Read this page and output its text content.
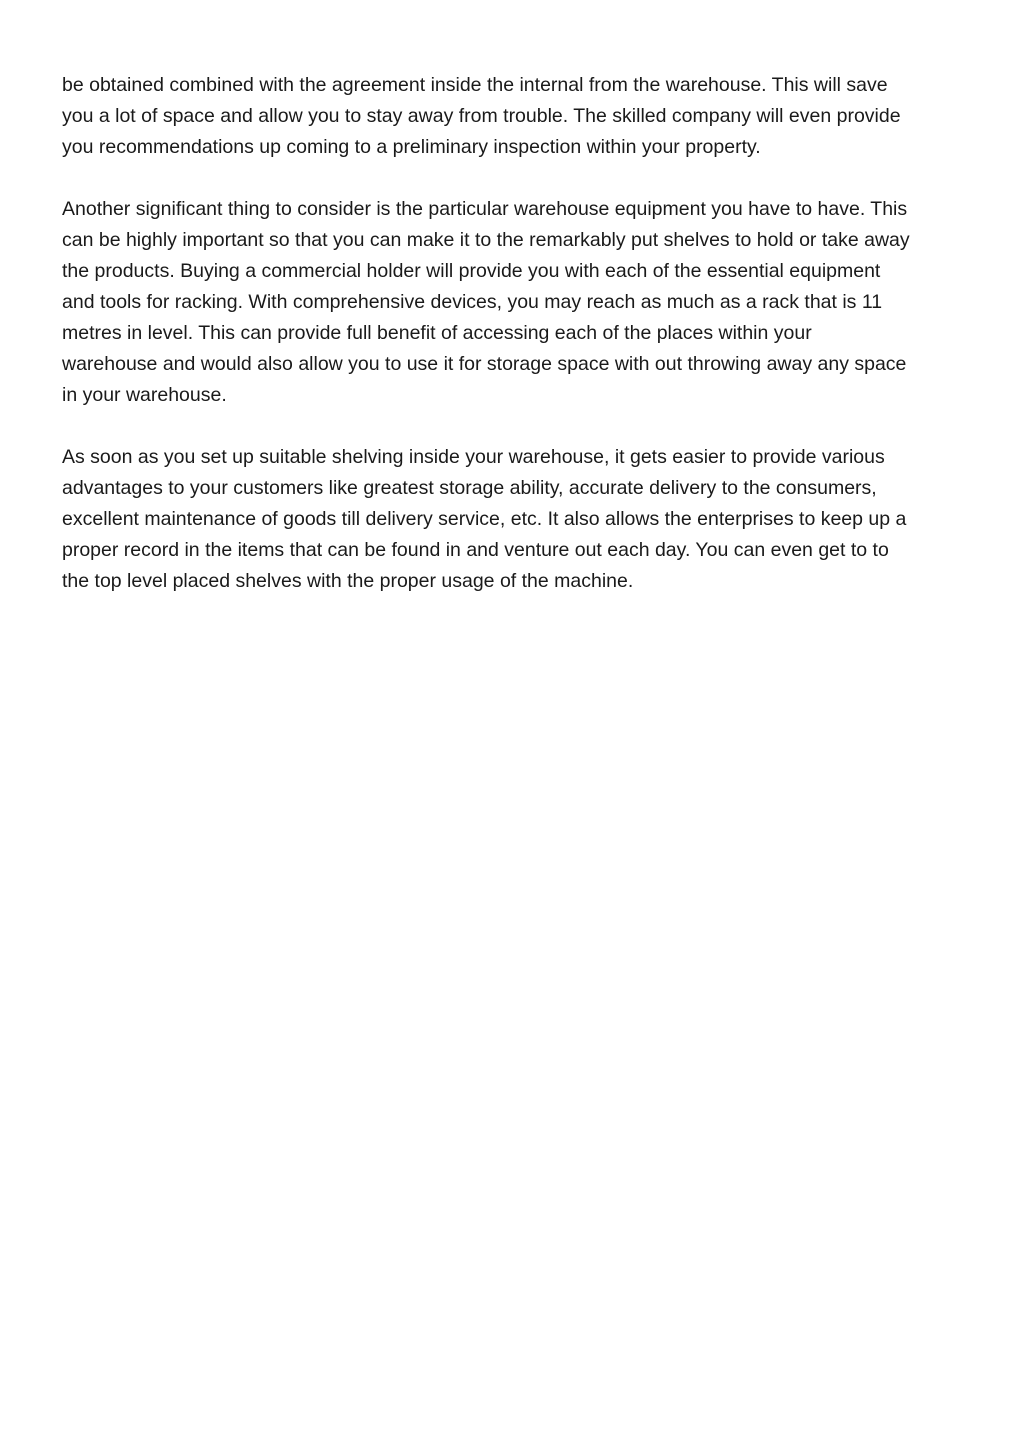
be obtained combined with the agreement inside the internal from the warehouse. This will save
you a lot of space and allow you to stay away from trouble. The skilled company will even provide
you recommendations up coming to a preliminary inspection within your property.

Another significant thing to consider is the particular warehouse equipment you have to have. This
can be highly important so that you can make it to the remarkably put shelves to hold or take away
the products. Buying a commercial holder will provide you with each of the essential equipment
and tools for racking. With comprehensive devices, you may reach as much as a rack that is 11
metres in level. This can provide full benefit of accessing each of the places within your
warehouse and would also allow you to use it for storage space with out throwing away any space
in your warehouse.

As soon as you set up suitable shelving inside your warehouse, it gets easier to provide various
advantages to your customers like greatest storage ability, accurate delivery to the consumers,
excellent maintenance of goods till delivery service, etc. It also allows the enterprises to keep up a
proper record in the items that can be found in and venture out each day. You can even get to to
the top level placed shelves with the proper usage of the machine.
